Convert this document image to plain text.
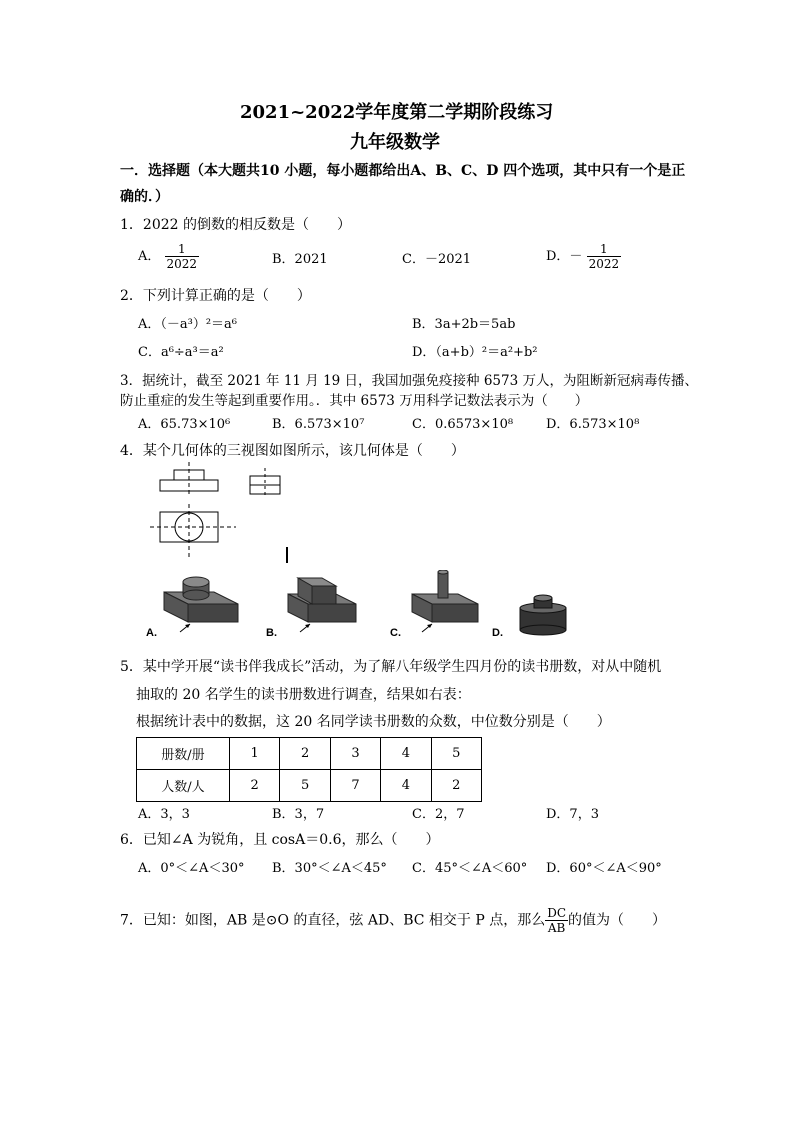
2021~2022学年度第二学期阶段练习
九年级数学
一．选择题（本大题共10 小题，每小题都给出A、B、C、D 四个选项，其中只有一个是正
确的．）
1．2022 的倒数的相反数是（　　）
A． $\frac{1}{2022}$	B．2021	C．－2021	D．－ $\frac{1}{2022}$
2．下列计算正确的是（　　）
A．（－a³）²＝a⁶	B．3a+2b＝5ab
C．a⁶÷a³＝a²	D．（a+b）²＝a²+b²
3．据统计，截至 2021 年 11 月 19 日，我国加强免疫接种 6573 万人，为阻断新冠病毒传播、
防止重症的发生等起到重要作用。．其中 6573 万用科学记数法表示为（　　）
A．65.73×10⁶	B．6.573×10⁷	C．0.6573×10⁸	D．6.573×10⁸
4．某个几何体的三视图如图所示，该几何体是（　　）
A.	B.	C.	D.
5．某中学开展“读书伴我成长”活动，为了解八年级学生四月份的读书册数，对从中随机
抽取的 20 名学生的读书册数进行调查，结果如右表：
根据统计表中的数据，这 20 名同学读书册数的众数，中位数分别是（　　）
册数/册	1	2	3	4	5
人数/人	2	5	7	4	2
A．3，3	B．3，7	C．2，7	D．7，3
6．已知∠A 为锐角，且 cosA＝0.6，那么（　　）
A．0°＜∠A＜30° B．30°＜∠A＜45° C．45°＜∠A＜60° D．60°＜∠A＜90°
7．已知：如图，AB 是⊙O 的直径，弦 AD、BC 相交于 P 点，那么 $\frac{DC}{AB}$ 的值为（　　）
